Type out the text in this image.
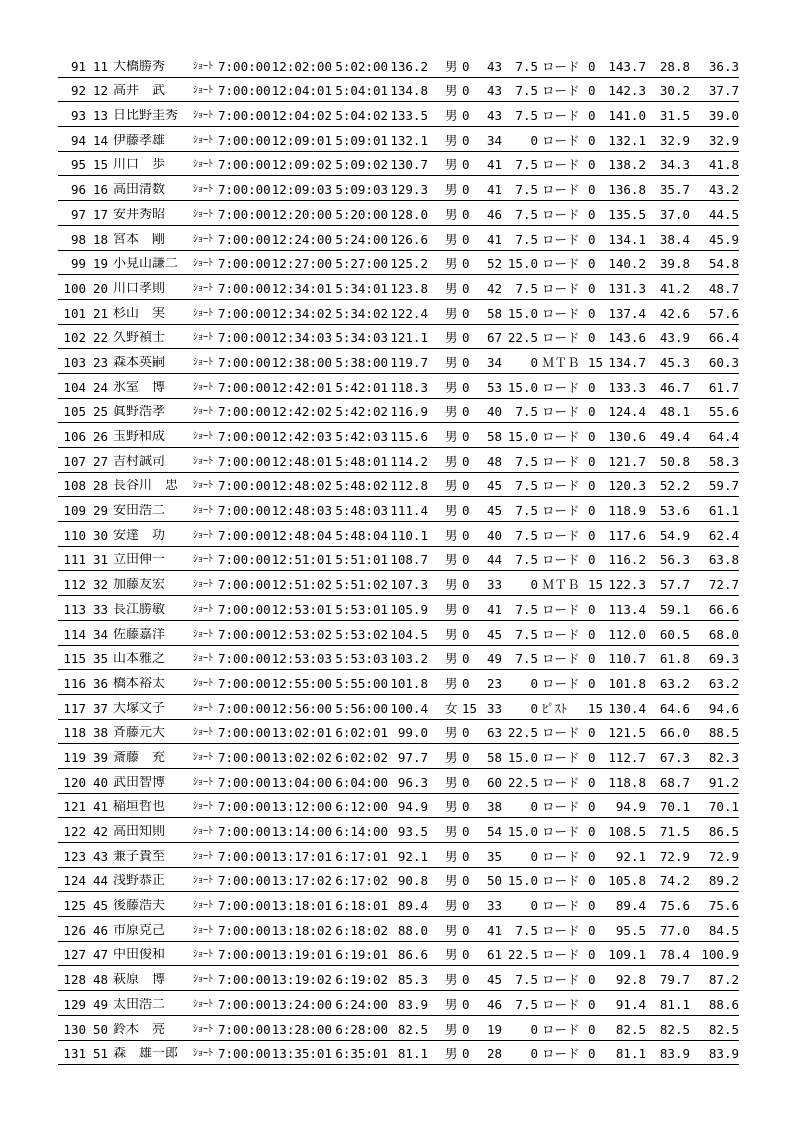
91 11 大橋勝秀	ｼｮｰﾄ 7:00:00 12:02:00 5:02:00 136.2 男 0	43	7.5 ロード 0	143.7	28.8	36.3
92 12 高井　武	ｼｮｰﾄ 7:00:00 12:04:01 5:04:01 134.8 男 0	43	7.5 ロード 0	142.3	30.2	37.7
93 13 日比野圭秀	ｼｮｰﾄ 7:00:00 12:04:02 5:04:02 133.5 男 0	43	7.5 ロード 0	141.0	31.5	39.0
94 14 伊藤孝雄	ｼｮｰﾄ 7:00:00 12:09:01 5:09:01 132.1 男 0	34	0 ロード 0	132.1	32.9	32.9
95 15 川口　歩	ｼｮｰﾄ 7:00:00 12:09:02 5:09:02 130.7 男 0	41	7.5 ロード 0	138.2	34.3	41.8
96 16 高田清数	ｼｮｰﾄ 7:00:00 12:09:03 5:09:03 129.3 男 0	41	7.5 ロード 0	136.8	35.7	43.2
97 17 安井秀昭	ｼｮｰﾄ 7:00:00 12:20:00 5:20:00 128.0 男 0	46	7.5 ロード 0	135.5	37.0	44.5
98 18 宮本　剛	ｼｮｰﾄ 7:00:00 12:24:00 5:24:00 126.6 男 0	41	7.5 ロード 0	134.1	38.4	45.9
99 19 小見山謙二	ｼｮｰﾄ 7:00:00 12:27:00 5:27:00 125.2 男 0	52 15.0 ロード 0	140.2	39.8	54.8
100 20 川口孝則	ｼｮｰﾄ 7:00:00 12:34:01 5:34:01 123.8 男 0	42	7.5 ロード 0	131.3	41.2	48.7
101 21 杉山　実	ｼｮｰﾄ 7:00:00 12:34:02 5:34:02 122.4 男 0	58 15.0 ロード 0	137.4	42.6	57.6
102 22 久野禎士	ｼｮｰﾄ 7:00:00 12:34:03 5:34:03 121.1 男 0	67 22.5 ロード 0	143.6	43.9	66.4
103 23 森本英嗣	ｼｮｰﾄ 7:00:00 12:38:00 5:38:00 119.7 男 0	34	0 ＭＴＢ 15 134.7	45.3	60.3
104 24 氷室　博	ｼｮｰﾄ 7:00:00 12:42:01 5:42:01 118.3 男 0	53 15.0 ロード 0	133.3	46.7	61.7
105 25 眞野浩孝	ｼｮｰﾄ 7:00:00 12:42:02 5:42:02 116.9 男 0	40	7.5 ロード 0	124.4	48.1	55.6
106 26 玉野和成	ｼｮｰﾄ 7:00:00 12:42:03 5:42:03 115.6 男 0	58 15.0 ロード 0	130.6	49.4	64.4
107 27 吉村誠司	ｼｮｰﾄ 7:00:00 12:48:01 5:48:01 114.2 男 0	48	7.5 ロード 0	121.7	50.8	58.3
108 28 長谷川　忠	ｼｮｰﾄ 7:00:00 12:48:02 5:48:02 112.8 男 0	45	7.5 ロード 0	120.3	52.2	59.7
109 29 安田浩二	ｼｮｰﾄ 7:00:00 12:48:03 5:48:03 111.4 男 0	45	7.5 ロード 0	118.9	53.6	61.1
110 30 安達　功	ｼｮｰﾄ 7:00:00 12:48:04 5:48:04 110.1 男 0	40	7.5 ロード 0	117.6	54.9	62.4
111 31 立田伸一	ｼｮｰﾄ 7:00:00 12:51:01 5:51:01 108.7 男 0	44	7.5 ロード 0	116.2	56.3	63.8
112 32 加藤友宏	ｼｮｰﾄ 7:00:00 12:51:02 5:51:02 107.3 男 0	33	0 ＭＴＢ 15 122.3	57.7	72.7
113 33 長江勝敏	ｼｮｰﾄ 7:00:00 12:53:01 5:53:01 105.9 男 0	41	7.5 ロード 0	113.4	59.1	66.6
114 34 佐藤嘉洋	ｼｮｰﾄ 7:00:00 12:53:02 5:53:02 104.5 男 0	45	7.5 ロード 0	112.0	60.5	68.0
115 35 山本雅之	ｼｮｰﾄ 7:00:00 12:53:03 5:53:03 103.2 男 0	49	7.5 ロード 0	110.7	61.8	69.3
116 36 橋本裕太	ｼｮｰﾄ 7:00:00 12:55:00 5:55:00 101.8 男 0	23	0 ロード 0	101.8	63.2	63.2
117 37 大塚文子	ｼｮｰﾄ 7:00:00 12:56:00 5:56:00 100.4 女 15 33	0 ﾋﾟｽﾄ	15 130.4	64.6	94.6
118 38 斉藤元大	ｼｮｰﾄ 7:00:00 13:02:01 6:02:01 99.0 男 0	63 22.5 ロード 0	121.5	66.0	88.5
119 39 斎藤　充	ｼｮｰﾄ 7:00:00 13:02:02 6:02:02 97.7 男 0	58 15.0 ロード 0	112.7	67.3	82.3
120 40 武田智博	ｼｮｰﾄ 7:00:00 13:04:00 6:04:00 96.3 男 0	60 22.5 ロード 0	118.8	68.7	91.2
121 41 稲垣哲也	ｼｮｰﾄ 7:00:00 13:12:00 6:12:00 94.9 男 0	38	0 ロード 0	94.9	70.1	70.1
122 42 高田知則	ｼｮｰﾄ 7:00:00 13:14:00 6:14:00 93.5 男 0	54 15.0 ロード 0	108.5	71.5	86.5
123 43 兼子貴至	ｼｮｰﾄ 7:00:00 13:17:01 6:17:01 92.1 男 0	35	0 ロード 0	92.1	72.9	72.9
124 44 浅野恭正	ｼｮｰﾄ 7:00:00 13:17:02 6:17:02 90.8 男 0	50 15.0 ロード 0	105.8	74.2	89.2
125 45 後藤浩夫	ｼｮｰﾄ 7:00:00 13:18:01 6:18:01 89.4 男 0	33	0 ロード 0	89.4	75.6	75.6
126 46 市原克己	ｼｮｰﾄ 7:00:00 13:18:02 6:18:02 88.0 男 0	41	7.5 ロード 0	95.5	77.0	84.5
127 47 中田俊和	ｼｮｰﾄ 7:00:00 13:19:01 6:19:01 86.6 男 0	61 22.5 ロード 0	109.1	78.4 100.9
128 48 萩原　博	ｼｮｰﾄ 7:00:00 13:19:02 6:19:02 85.3 男 0	45	7.5 ロード 0	92.8	79.7	87.2
129 49 太田浩二	ｼｮｰﾄ 7:00:00 13:24:00 6:24:00 83.9 男 0	46	7.5 ロード 0	91.4	81.1	88.6
130 50 鈴木　亮	ｼｮｰﾄ 7:00:00 13:28:00 6:28:00 82.5 男 0	19	0 ロード 0	82.5	82.5	82.5
131 51 森　雄一郎	ｼｮｰﾄ 7:00:00 13:35:01 6:35:01 81.1 男 0	28	0 ロード 0	81.1	83.9	83.9
